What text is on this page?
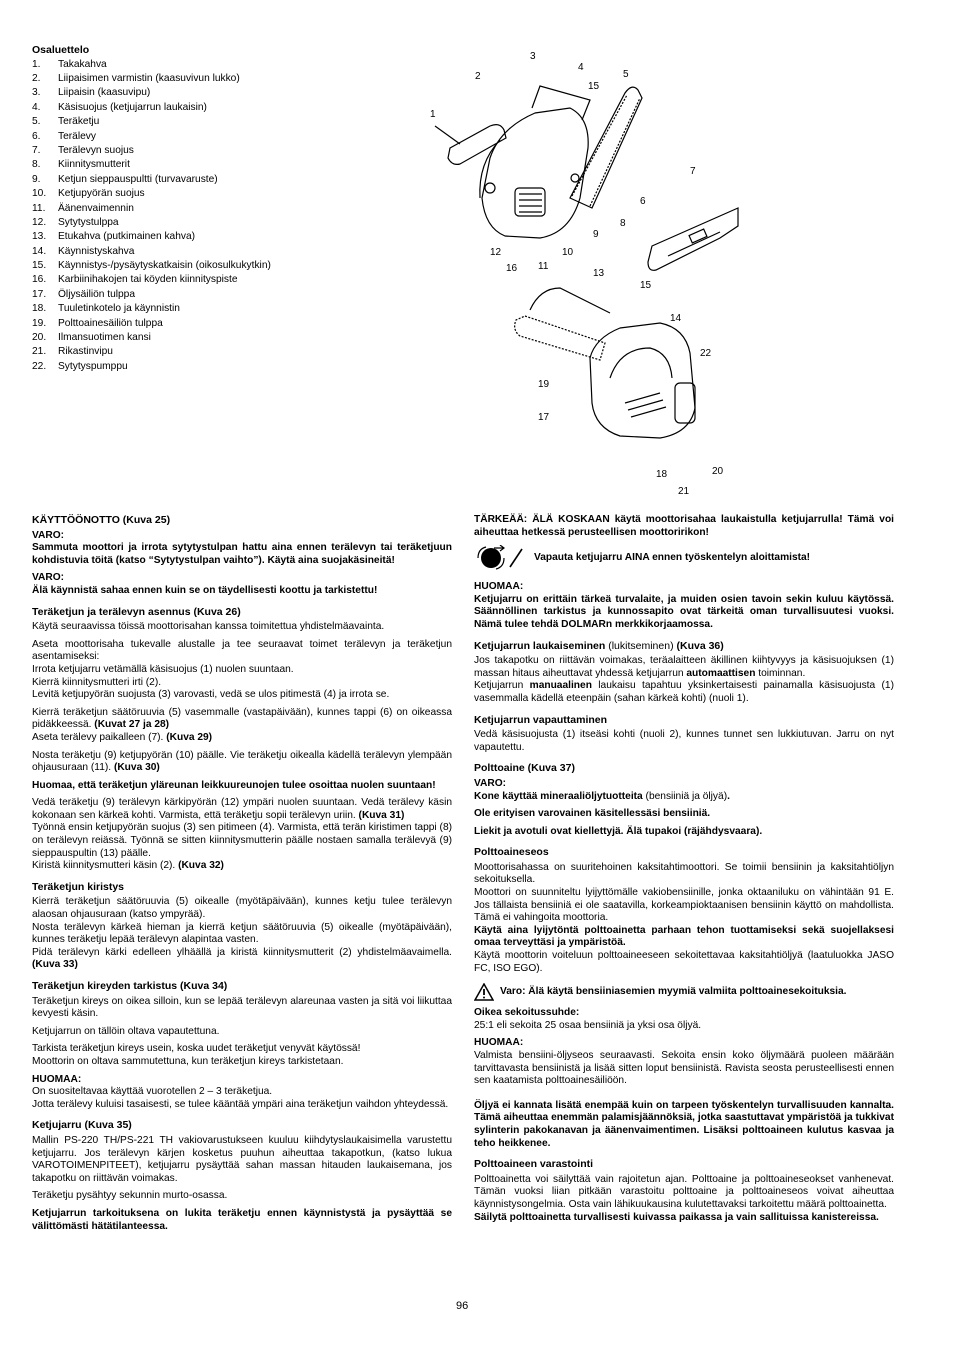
Osaluettelo
1.	Takakahva
2.	Liipaisimen varmistin (kaasuvivun lukko)
3.	Liipaisin (kaasuvipu)
4.	Käsisuojus (ketjujarrun laukaisin)
5.	Teräketju
6.	Terälevy
7.	Terälevyn suojus
8.	Kiinnitysmutterit
9.	Ketjun sieppauspultti (turvavaruste)
10.	Ketjupyörän suojus
11.	Äänenvaimennin
12.	Sytytystulppa
13.	Etukahva (putkimainen kahva)
14.	Käynnistyskahva
15.	Käynnistys-/pysäytyskatkaisin (oikosulkukytkin)
16.	Karbiinihakojen tai köyden kiinnityspiste
17.	Öljysäiliön tulppa
18.	Tuuletinkotelo ja käynnistin
19.	Polttoainesäiliön tulppa
20.	Ilmansuotimen kansi
21.	Rikastinvipu
22.	Sytytyspumppu
1
2
3
4
15
5
6
7
8
9
10
11
12
16	13
15
14
22
19
17
18
21
20
KÄYTTÖÖNOTTO (Kuva 25)

VARO:

Sammuta moottori ja irrota sytytystulpan hattu aina ennen terälevyn tai teräketjuun kohdistuvia töitä (katso “Sytytystulpan vaihto”). Käytä aina suojakäsineitä!

VARO:

Älä käynnistä sahaa ennen kuin se on täydellisesti koottu ja tarkistettu!

Teräketjun ja terälevyn asennus (Kuva 26)

Käytä seuraavissa töissä moottorisahan kanssa toimitettua yhdistelmäavainta.

Aseta moottorisaha tukevalle alustalle ja tee seuraavat toimet terälevyn ja teräketjun asentamiseksi:

Irrota ketjujarru vetämällä käsisuojus (1) nuolen suuntaan.

Kierrä kiinnitysmutteri irti (2).

Levitä ketjupyörän suojusta (3) varovasti, vedä se ulos pitimestä (4) ja irrota se.

Kierrä teräketjun säätöruuvia (5) vasemmalle (vastapäivään), kunnes tappi (6) on oikeassa pidäkkeessä. (Kuvat 27 ja 28)

Aseta terälevy paikalleen (7). (Kuva 29)

Nosta teräketju (9) ketjupyörän (10) päälle. Vie teräketju oikealla kädellä terälevyn ylempään ohjausuraan (11). (Kuva 30)

Huomaa, että teräketjun yläreunan leikkuureunojen tulee osoittaa nuolen suuntaan!

Vedä teräketju (9) terälevyn kärkipyörän (12) ympäri nuolen suuntaan. Vedä terälevy käsin kokonaan sen kärkeä kohti. Varmista, että teräketju sopii terälevyn uriin. (Kuva 31)

Työnnä ensin ketjupyörän suojus (3) sen pitimeen (4). Varmista, että terän kiristimen tappi (8) on terälevyn reiässä. Työnnä se sitten kiinnitysmutterin päälle nostaen samalla terälevyä (9) sieppauspultin (13) päälle.

Kiristä kiinnitysmutteri käsin (2). (Kuva 32)

Teräketjun kiristys

Kierrä teräketjun säätöruuvia (5) oikealle (myötäpäivään), kunnes ketju tulee terälevyn alaosan ohjausuraan (katso ympyrää).

Nosta terälevyn kärkeä hieman ja kierrä ketjun säätöruuvia (5) oikealle (myötäpäivään), kunnes teräketju lepää terälevyn alapintaa vasten.

Pidä terälevyn kärki edelleen ylhäällä ja kiristä kiinnitysmutterit (2) yhdistelmäavaimella. (Kuva 33)

Teräketjun kireyden tarkistus (Kuva 34)

Teräketjun kireys on oikea silloin, kun se lepää terälevyn alareunaa vasten ja sitä voi liikuttaa kevyesti käsin.

Ketjujarrun on tällöin oltava vapautettuna.

Tarkista teräketjun kireys usein, koska uudet teräketjut venyvät käytössä!

Moottorin on oltava sammutettuna, kun teräketjun kireys tarkistetaan.

HUOMAA:

On suositeltavaa käyttää vuorotellen 2 – 3 teräketjua.

Jotta terälevy kuluisi tasaisesti, se tulee kääntää ympäri aina teräketjun vaihdon yhteydessä.

Ketjujarru (Kuva 35)

Mallin PS-220 TH/PS-221 TH vakiovarustukseen kuuluu kiihdytyslaukaisimella varustettu ketjujarru. Jos terälevyn kärjen kosketus puuhun aiheuttaa takapotkun, (katso lukua VAROTOIMENPITEET), ketjujarru pysäyttää sahan massan hitauden laukaisemana, jos takapotku on riittävän voimakas.

Teräketju pysähtyy sekunnin murto-osassa.

Ketjujarrun tarkoituksena on lukita teräketju ennen käynnistystä ja pysäyttää se välittömästi hätätilanteessa.

TÄRKEÄÄ: ÄLÄ KOSKAAN käytä moottorisahaa laukaistulla ketjujarrulla! Tämä voi aiheuttaa hetkessä perusteellisen moottoririkon!

Vapauta ketjujarru AINA ennen työskentelyn aloittamista!

HUOMAA:

Ketjujarru on erittäin tärkeä turvalaite, ja muiden osien tavoin sekin kuluu käytössä. Säännöllinen tarkistus ja kunnossapito ovat tärkeitä oman turvallisuutesi vuoksi. Nämä tulee tehdä DOLMARn merkkikorjaamossa.

Ketjujarrun laukaiseminen (lukitseminen) (Kuva 36)

Jos takapotku on riittävän voimakas, teräalaitteen äkillinen kiihtyvyys ja käsisuojuksen (1) massan hitaus aiheuttavat yhdessä ketjujarrun automaattisen toiminnan.

Ketjujarrun manuaalinen laukaisu tapahtuu yksinkertaisesti painamalla käsisuojusta (1) vasemmalla kädellä eteenpäin (sahan kärkeä kohti) (nuoli 1).

Ketjujarrun vapauttaminen

Vedä käsisuojusta (1) itseäsi kohti (nuoli 2), kunnes tunnet sen lukkiutuvan. Jarru on nyt vapautettu.

Polttoaine (Kuva 37)

VARO:

Kone käyttää mineraaliöljytuotteita (bensiiniä ja öljyä).

Ole erityisen varovainen käsitellessäsi bensiiniä.

Liekit ja avotuli ovat kiellettyjä. Älä tupakoi (räjähdysvaara).

Polttoaineseos

Moottorisahassa on suuritehoinen kaksitahtimoottori. Se toimii bensiinin ja kaksitahtiöljyn sekoituksella.

Moottori on suunniteltu lyijyttömälle vakiobensiinille, jonka oktaaniluku on vähintään 91 E. Jos tällaista bensiiniä ei ole saatavilla, korkeampioktaanisen bensiinin käyttö on mahdollista. Tämä ei vahingoita moottoria.

Käytä aina lyijytöntä polttoainetta parhaan tehon tuottamiseksi sekä suojellaksesi omaa terveyttäsi ja ympäristöä.

Käytä moottorin voiteluun polttoaineeseen sekoitettavaa kaksitahtiöljyä (laatuluokka JASO FC, ISO EGO).

Varo: Älä käytä bensiiniasemien myymiä valmiita polttoainesekoituksia.

Oikea sekoitussuhde:

25:1 eli sekoita 25 osaa bensiiniä ja yksi osa öljyä.

HUOMAA:

Valmista bensiini-öljyseos seuraavasti. Sekoita ensin koko öljymäärä puoleen määrään tarvittavasta bensiinistä ja lisää sitten loput bensiinistä. Ravista seosta perusteellisesti ennen sen kaatamista polttoainesäiliöön.

Öljyä ei kannata lisätä enempää kuin on tarpeen työskentelyn turvallisuuden kannalta. Tämä aiheuttaa enemmän palamisjäännöksiä, jotka saastuttavat ympäristöä ja tukkivat sylinterin pakokanavan ja äänenvaimentimen. Lisäksi polttoaineen kulutus kasvaa ja teho heikkenee.

Polttoaineen varastointi

Polttoainetta voi säilyttää vain rajoitetun ajan. Polttoaine ja polttoaineseokset vanhenevat. Tämän vuoksi liian pitkään varastoitu polttoaine ja polttoaineseos voivat aiheuttaa käynnistysongelmia. Osta vain lähikuukausina kulutettavaksi tarkoitettu määrä polttoainetta.

Säilytä polttoainetta turvallisesti kuivassa paikassa ja vain sallituissa kanistereissa.

96
